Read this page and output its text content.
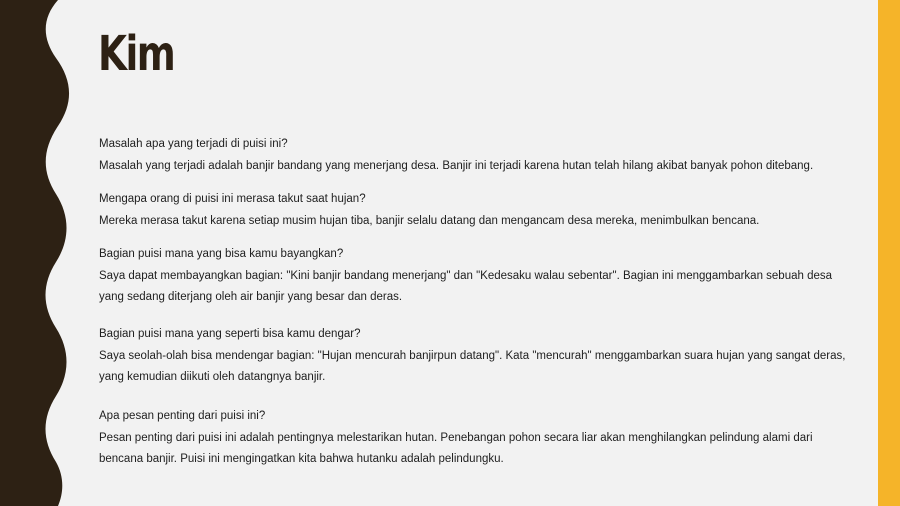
Kim

Masalah apa yang terjadi di puisi ini?

Masalah yang terjadi adalah banjir bandang yang menerjang desa. Banjir ini terjadi karena hutan telah hilang akibat banyak pohon ditebang.

Mengapa orang di puisi ini merasa takut saat hujan?

Mereka merasa takut karena setiap musim hujan tiba, banjir selalu datang dan mengancam desa mereka, menimbulkan bencana.

Bagian puisi mana yang bisa kamu bayangkan?

Saya dapat membayangkan bagian: "Kini banjir bandang menerjang" dan "Kedesaku walau sebentar". Bagian ini menggambarkan sebuah desa yang sedang diterjang oleh air banjir yang besar dan deras.

Bagian puisi mana yang seperti bisa kamu dengar?

Saya seolah-olah bisa mendengar bagian: "Hujan mencurah banjirpun datang". Kata "mencurah" menggambarkan suara hujan yang sangat deras, yang kemudian diikuti oleh datangnya banjir.

Apa pesan penting dari puisi ini?

Pesan penting dari puisi ini adalah pentingnya melestarikan hutan. Penebangan pohon secara liar akan menghilangkan pelindung alami dari bencana banjir. Puisi ini mengingatkan kita bahwa hutanku adalah pelindungku.
